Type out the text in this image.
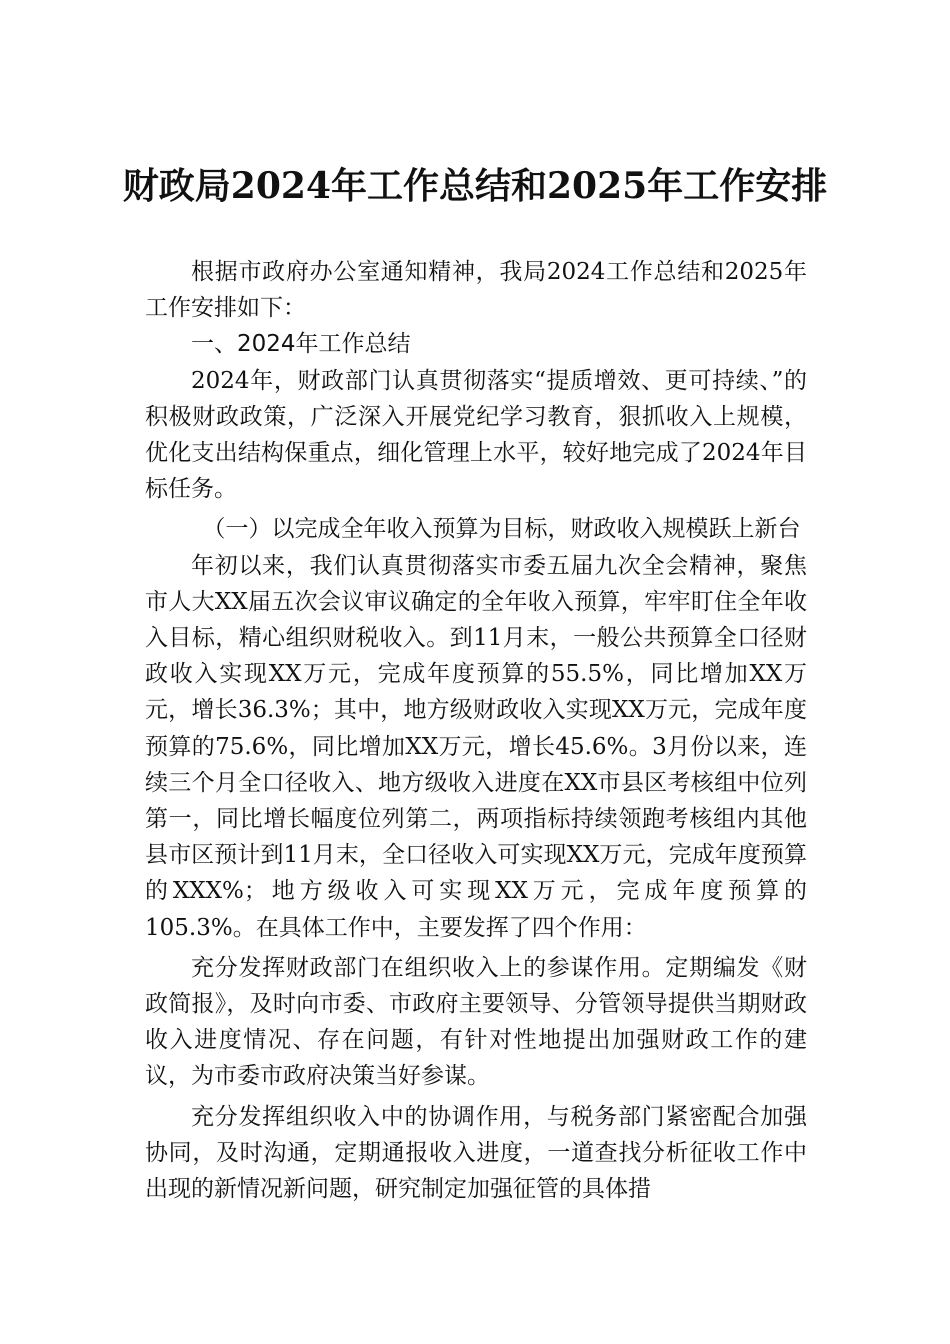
财政局2024年工作总结和2025年工作安排

根据市政府办公室通知精神，我局2024工作总结和2025年工作安排如下：

一、2024年工作总结

2024年，财政部门认真贯彻落实“提质增效、更可持续、”的积极财政政策，广泛深入开展党纪学习教育，狠抓收入上规模，优化支出结构保重点，细化管理上水平，较好地完成了2024年目标任务。

（一）以完成全年收入预算为目标，财政收入规模跃上新台

年初以来，我们认真贯彻落实市委五届九次全会精神，聚焦市人大XX届五次会议审议确定的全年收入预算，牢牢盯住全年收入目标，精心组织财税收入。到11月末，一般公共预算全口径财政收入实现XX万元，完成年度预算的55.5%，同比增加XX万元，增长36.3%；其中，地方级财政收入实现XX万元，完成年度预算的75.6%，同比增加XX万元，增长45.6%。3月份以来，连续三个月全口径收入、地方级收入进度在XX市县区考核组中位列第一，同比增长幅度位列第二，两项指标持续领跑考核组内其他县市区预计到11月末，全口径收入可实现XX万元，完成年度预算的XXX%；地方级收入可实现XX万元，完成年度预算的105.3%。在具体工作中，主要发挥了四个作用：

充分发挥财政部门在组织收入上的参谋作用。定期编发《财政简报》，及时向市委、市政府主要领导、分管领导提供当期财政收入进度情况、存在问题，有针对性地提出加强财政工作的建议，为市委市政府决策当好参谋。

充分发挥组织收入中的协调作用，与税务部门紧密配合加强协同，及时沟通，定期通报收入进度，一道查找分析征收工作中出现的新情况新问题，研究制定加强征管的具体措
